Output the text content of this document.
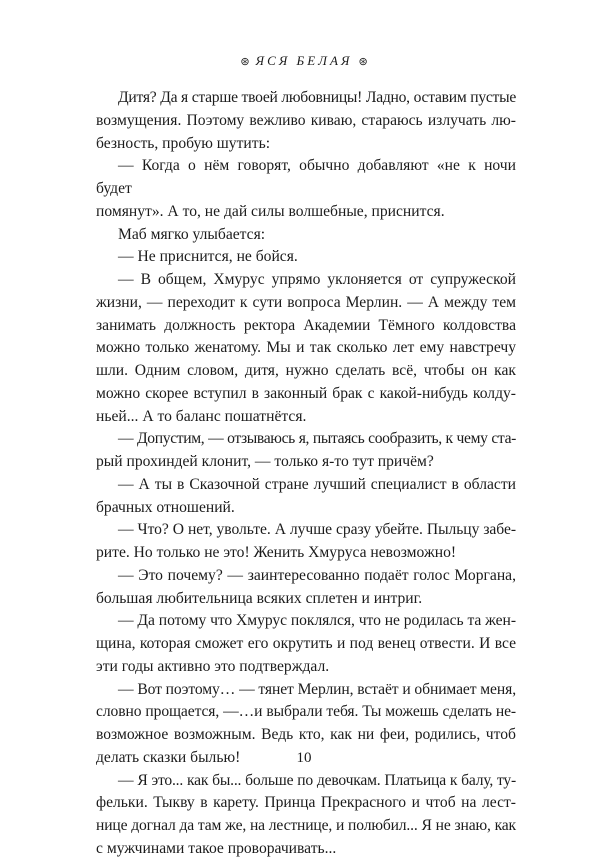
⊛ ЯСЯ БЕЛАЯ ⊛
Дитя? Да я старше твоей любовницы! Ладно, оставим пустые
возмущения. Поэтому вежливо киваю, стараюсь излучать лю-
безность, пробую шутить:
— Когда о нём говорят, обычно добавляют «не к ночи будет
помянут». А то, не дай силы волшебные, приснится.
Маб мягко улыбается:
— Не приснится, не бойся.
— В общем, Хмурус упрямо уклоняется от супружеской
жизни, — переходит к сути вопроса Мерлин. — А между тем
занимать должность ректора Академии Тёмного колдовства
можно только женатому. Мы и так сколько лет ему навстречу
шли. Одним словом, дитя, нужно сделать всё, чтобы он как
можно скорее вступил в законный брак с какой-нибудь колду-
ньей... А то баланс пошатнётся.
— Допустим, — отзываюсь я, пытаясь сообразить, к чему ста-
рый прохиндей клонит, — только я-то тут причём?
— А ты в Сказочной стране лучший специалист в области
брачных отношений.
— Что? О нет, увольте. А лучше сразу убейте. Пыльцу забе-
рите. Но только не это! Женить Хмуруса невозможно!
— Это почему? — заинтересованно подаёт голос Моргана,
большая любительница всяких сплетен и интриг.
— Да потому что Хмурус поклялся, что не родилась та жен-
щина, которая сможет его окрутить и под венец отвести. И все
эти годы активно это подтверждал.
— Вот поэтому… — тянет Мерлин, встаёт и обнимает меня,
словно прощается, —…и выбрали тебя. Ты можешь сделать не-
возможное возможным. Ведь кто, как ни феи, родились, чтоб
делать сказки былью!
— Я это... как бы... больше по девочкам. Платьица к балу, ту-
фельки. Тыкву в карету. Принца Прекрасного и чтоб на лест-
нице догнал да там же, на лестнице, и полюбил... Я не знаю, как
с мужчинами такое проворачивать...
10
